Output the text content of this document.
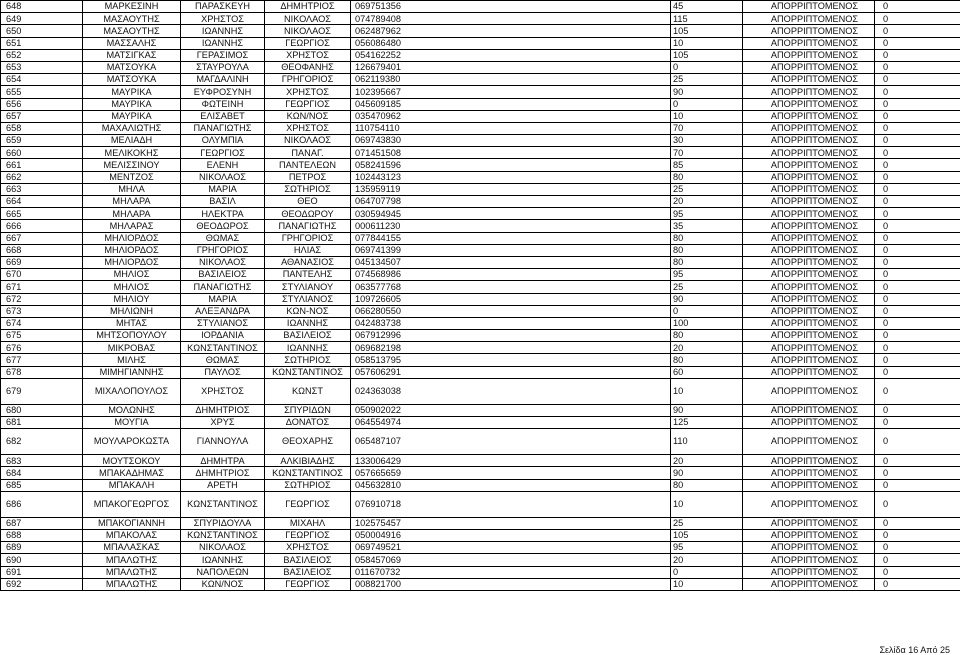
648	ΜΑΡΚΕΣΙΝΗ	ΠΑΡΑΣΚΕΥΗ	ΔΗΜΗΤΡΙΟΣ	069751356	45	ΑΠΟΡΡΙΠΤΟΜΕΝΟΣ	0
649	ΜΑΣΑΟΥΤΗΣ	ΧΡΗΣΤΟΣ	ΝΙΚΟΛΑΟΣ	074789408	115	ΑΠΟΡΡΙΠΤΟΜΕΝΟΣ	0
650	ΜΑΣΑΟΥΤΗΣ	ΙΩΑΝΝΗΣ	ΝΙΚΟΛΑΟΣ	062487962	105	ΑΠΟΡΡΙΠΤΟΜΕΝΟΣ	0
651	ΜΑΣΣΑΛΗΣ	ΙΩΑΝΝΗΣ	ΓΕΩΡΓΙΟΣ	056086480	10	ΑΠΟΡΡΙΠΤΟΜΕΝΟΣ	0
652	ΜΑΤΣΙΓΚΑΣ	ΓΕΡΑΣΙΜΟΣ	ΧΡΗΣΤΟΣ	054162252	105	ΑΠΟΡΡΙΠΤΟΜΕΝΟΣ	0
653	ΜΑΤΣΟΥΚΑ	ΣΤΑΥΡΟΥΛΑ	ΘΕΟΦΑΝΗΣ	126679401	0	ΑΠΟΡΡΙΠΤΟΜΕΝΟΣ	0
654	ΜΑΤΣΟΥΚΑ	ΜΑΓΔΑΛΙΝΗ	ΓΡΗΓΟΡΙΟΣ	062119380	25	ΑΠΟΡΡΙΠΤΟΜΕΝΟΣ	0
655	ΜΑΥΡΙΚΑ	ΕΥΦΡΟΣΥΝΗ	ΧΡΗΣΤΟΣ	102395667	90	ΑΠΟΡΡΙΠΤΟΜΕΝΟΣ	0
656	ΜΑΥΡΙΚΑ	ΦΩΤΕΙΝΗ	ΓΕΩΡΓΙΟΣ	045609185	0	ΑΠΟΡΡΙΠΤΟΜΕΝΟΣ	0
657	ΜΑΥΡΙΚΑ	ΕΛΙΣΑΒΕΤ	ΚΩΝ/ΝΟΣ	035470962	10	ΑΠΟΡΡΙΠΤΟΜΕΝΟΣ	0
658	ΜΑΧΑΛΙΩΤΗΣ	ΠΑΝΑΓΙΩΤΗΣ	ΧΡΗΣΤΟΣ	110754110	70	ΑΠΟΡΡΙΠΤΟΜΕΝΟΣ	0
659	ΜΕΛΙΑΔΗ	ΟΛΥΜΠΙΑ	ΝΙΚΟΛΑΟΣ	069743830	30	ΑΠΟΡΡΙΠΤΟΜΕΝΟΣ	0
660	ΜΕΛΙΚΟΚΗΣ	ΓΕΩΡΓΙΟΣ	ΠΑΝΑΓ.	071451508	70	ΑΠΟΡΡΙΠΤΟΜΕΝΟΣ	0
661	ΜΕΛΙΣΣΙΝΟΥ	ΕΛΕΝΗ	ΠΑΝΤΕΛΕΩΝ	058241596	85	ΑΠΟΡΡΙΠΤΟΜΕΝΟΣ	0
662	ΜΕΝΤΖΟΣ	ΝΙΚΟΛΑΟΣ	ΠΕΤΡΟΣ	102443123	80	ΑΠΟΡΡΙΠΤΟΜΕΝΟΣ	0
663	ΜΗΛΑ	ΜΑΡΙΑ	ΣΩΤΗΡΙΟΣ	135959119	25	ΑΠΟΡΡΙΠΤΟΜΕΝΟΣ	0
664	ΜΗΛΑΡΑ	ΒΑΣΙΛ	ΘΕΟ	064707798	20	ΑΠΟΡΡΙΠΤΟΜΕΝΟΣ	0
665	ΜΗΛΑΡΑ	ΗΛΕΚΤΡΑ	ΘΕΟΔΩΡΟΥ	030594945	95	ΑΠΟΡΡΙΠΤΟΜΕΝΟΣ	0
666	ΜΗΛΑΡΑΣ	ΘΕΟΔΩΡΟΣ	ΠΑΝΑΓΙΩΤΗΣ	000611230	35	ΑΠΟΡΡΙΠΤΟΜΕΝΟΣ	0
667	ΜΗΛΙΟΡΔΟΣ	ΘΩΜΑΣ	ΓΡΗΓΟΡΙΟΣ	077844155	80	ΑΠΟΡΡΙΠΤΟΜΕΝΟΣ	0
668	ΜΗΛΙΟΡΔΟΣ	ΓΡΗΓΟΡΙΟΣ	ΗΛΙΑΣ	069741399	80	ΑΠΟΡΡΙΠΤΟΜΕΝΟΣ	0
669	ΜΗΛΙΟΡΔΟΣ	ΝΙΚΟΛΑΟΣ	ΑΘΑΝΑΣΙΟΣ	045134507	80	ΑΠΟΡΡΙΠΤΟΜΕΝΟΣ	0
670	ΜΗΛΙΟΣ	ΒΑΣΙΛΕΙΟΣ	ΠΑΝΤΕΛΗΣ	074568986	95	ΑΠΟΡΡΙΠΤΟΜΕΝΟΣ	0
671	ΜΗΛΙΟΣ	ΠΑΝΑΓΙΩΤΗΣ	ΣΤΥΛΙΑΝΟΥ	063577768	25	ΑΠΟΡΡΙΠΤΟΜΕΝΟΣ	0
672	ΜΗΛΙΟΥ	ΜΑΡΙΑ	ΣΤΥΛΙΑΝΟΣ	109726605	90	ΑΠΟΡΡΙΠΤΟΜΕΝΟΣ	0
673	ΜΗΛΙΩΝΗ	ΑΛΕΞΑΝΔΡΑ	ΚΩΝ-ΝΟΣ	066280550	0	ΑΠΟΡΡΙΠΤΟΜΕΝΟΣ	0
674	ΜΗΤΑΣ	ΣΤΥΛΙΑΝΟΣ	ΙΩΑΝΝΗΣ	042483738	100	ΑΠΟΡΡΙΠΤΟΜΕΝΟΣ	0
675	ΜΗΤΣΟΠΟΥΛΟΥ	ΙΟΡΔΑΝΙΑ	ΒΑΣΙΛΕΙΟΣ	067912996	80	ΑΠΟΡΡΙΠΤΟΜΕΝΟΣ	0
676	ΜΙΚΡΟΒΑΣ	ΚΩΝΣΤΑΝΤΙΝΟΣ	ΙΩΑΝΝΗΣ	069682198	20	ΑΠΟΡΡΙΠΤΟΜΕΝΟΣ	0
677	ΜΙΛΗΣ	ΘΩΜΑΣ	ΣΩΤΗΡΙΟΣ	058513795	80	ΑΠΟΡΡΙΠΤΟΜΕΝΟΣ	0
678	ΜΙΜΗΓΙΑΝΝΗΣ	ΠΑΥΛΟΣ	ΚΩΝΣΤΑΝΤΙΝΟΣ	057606291	60	ΑΠΟΡΡΙΠΤΟΜΕΝΟΣ	0
679	ΜΙΧΑΛΟΠΟΥΛΟΣ	ΧΡΗΣΤΟΣ	ΚΩΝΣΤ	024363038	10	ΑΠΟΡΡΙΠΤΟΜΕΝΟΣ	0
680	ΜΟΛΩΝΗΣ	ΔΗΜΗΤΡΙΟΣ	ΣΠΥΡΙΔΩΝ	050902022	90	ΑΠΟΡΡΙΠΤΟΜΕΝΟΣ	0
681	ΜΟΥΓΙΑ	ΧΡΥΣ	ΔΟΝΑΤΟΣ	064554974	125	ΑΠΟΡΡΙΠΤΟΜΕΝΟΣ	0
682	ΜΟΥΛΑΡΟΚΩΣΤΑ	ΓΙΑΝΝΟΥΛΑ	ΘΕΟΧΑΡΗΣ	065487107	110	ΑΠΟΡΡΙΠΤΟΜΕΝΟΣ	0
683	ΜΟΥΤΣΟΚΟΥ	ΔΗΜΗΤΡΑ	ΑΛΚΙΒΙΑΔΗΣ	133006429	20	ΑΠΟΡΡΙΠΤΟΜΕΝΟΣ	0
684	ΜΠΑΚΑΔΗΜΑΣ	ΔΗΜΗΤΡΙΟΣ	ΚΩΝΣΤΑΝΤΙΝΟΣ	057665659	90	ΑΠΟΡΡΙΠΤΟΜΕΝΟΣ	0
685	ΜΠΑΚΑΛΗ	ΑΡΕΤΗ	ΣΩΤΗΡΙΟΣ	045632810	80	ΑΠΟΡΡΙΠΤΟΜΕΝΟΣ	0
686	ΜΠΑΚΟΓΕΩΡΓΟΣ	ΚΩΝΣΤΑΝΤΙΝΟΣ	ΓΕΩΡΓΙΟΣ	076910718	10	ΑΠΟΡΡΙΠΤΟΜΕΝΟΣ	0
687	ΜΠΑΚΟΓΙΑΝΝΗ	ΣΠΥΡΙΔΟΥΛΑ	ΜΙΧΑΗΛ	102575457	25	ΑΠΟΡΡΙΠΤΟΜΕΝΟΣ	0
688	ΜΠΑΚΟΛΑΣ	ΚΩΝΣΤΑΝΤΙΝΟΣ	ΓΕΩΡΓΙΟΣ	050004916	105	ΑΠΟΡΡΙΠΤΟΜΕΝΟΣ	0
689	ΜΠΑΛΑΣΚΑΣ	ΝΙΚΟΛΑΟΣ	ΧΡΗΣΤΟΣ	069749521	95	ΑΠΟΡΡΙΠΤΟΜΕΝΟΣ	0
690	ΜΠΑΛΩΤΗΣ	ΙΩΑΝΝΗΣ	ΒΑΣΙΛΕΙΟΣ	058457069	20	ΑΠΟΡΡΙΠΤΟΜΕΝΟΣ	0
691	ΜΠΑΛΩΤΗΣ	ΝΑΠΟΛΕΩΝ	ΒΑΣΙΛΕΙΟΣ	011670732	0	ΑΠΟΡΡΙΠΤΟΜΕΝΟΣ	0
692	ΜΠΑΛΩΤΗΣ	ΚΩΝ/ΝΟΣ	ΓΕΩΡΓΙΟΣ	008821700	10	ΑΠΟΡΡΙΠΤΟΜΕΝΟΣ	0
Σελίδα 16 Από 25
